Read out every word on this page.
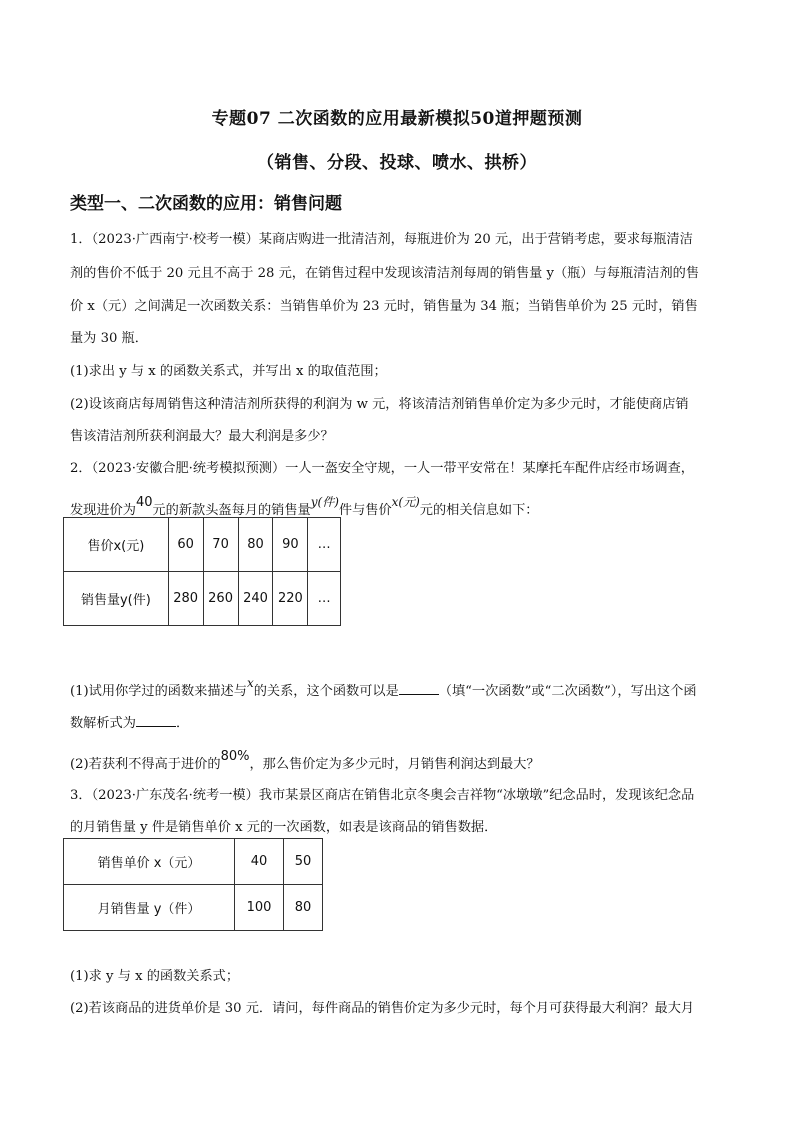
专题07 二次函数的应用最新模拟50道押题预测
（销售、分段、投球、喷水、拱桥）
类型一、二次函数的应用：销售问题
1．（2023·广西南宁·校考一模）某商店购进一批清洁剂，每瓶进价为 20 元，出于营销考虑，要求每瓶清洁
剂的售价不低于 20 元且不高于 28 元，在销售过程中发现该清洁剂每周的销售量 y（瓶）与每瓶清洁剂的售
价 x（元）之间满足一次函数关系：当销售单价为 23 元时，销售量为 34 瓶；当销售单价为 25 元时，销售
量为 30 瓶．
(1)求出 y 与 x 的函数关系式，并写出 x 的取值范围；
(2)设该商店每周销售这种清洁剂所获得的利润为 w 元，将该清洁剂销售单价定为多少元时，才能使商店销
售该清洁剂所获利润最大？最大利润是多少？
2．（2023·安徽合肥·统考模拟预测）一人一盔安全守规，一人一带平安常在！某摩托车配件店经市场调查，
发现进价为40元的新款头盔每月的销售量y(件)件与售价x(元)元的相关信息如下：
售价x(元)	60	70	80	90	…
销售量y(件)	280	260	240	220	…
(1)试用你学过的函数来描述与x的关系，这个函数可以是	（填“一次函数”或“二次函数”），写出这个函
数解析式为	．
(2)若获利不得高于进价的80%，那么售价定为多少元时，月销售利润达到最大？
3．（2023·广东茂名·统考一模）我市某景区商店在销售北京冬奥会吉祥物“冰墩墩”纪念品时，发现该纪念品
的月销售量 y 件是销售单价 x 元的一次函数，如表是该商品的销售数据．
销售单价 x（元）	40	50
月销售量 y（件）	100	80
(1)求 y 与 x 的函数关系式；
(2)若该商品的进货单价是 30 元．请问，每件商品的销售价定为多少元时，每个月可获得最大利润？最大月
